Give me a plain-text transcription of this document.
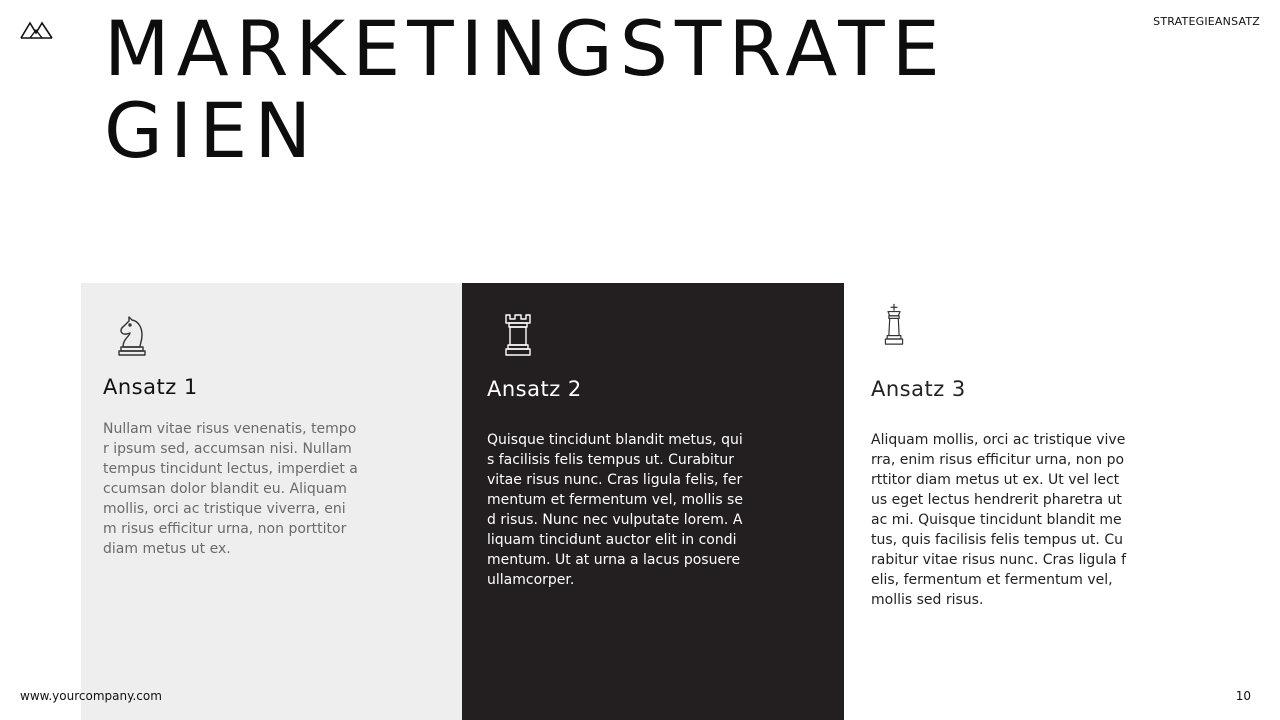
STRATEGIEANSATZ
MARKETINGSTRATEGIEN
Ansatz 1

Nullam vitae risus venenatis, tempor ipsum sed, accumsan nisi. Nullam tempus tincidunt lectus, imperdiet accumsan dolor blandit eu. Aliquam mollis, orci ac tristique viverra, enim risus efficitur urna, non porttitor diam metus ut ex.

Ansatz 2

Quisque tincidunt blandit metus, quis facilisis felis tempus ut. Curabitur vitae risus nunc. Cras ligula felis, fermentum et fermentum vel, mollis sed risus. Nunc nec vulputate lorem. Aliquam tincidunt auctor elit in condimentum. Ut at urna a lacus posuere ullamcorper.

Ansatz 3

Aliquam mollis, orci ac tristique viverra, enim risus efficitur urna, non porttitor diam metus ut ex. Ut vel lectus eget lectus hendrerit pharetra ut ac mi. Quisque tincidunt blandit metus, quis facilisis felis tempus ut. Curabitur vitae risus nunc. Cras ligula felis, fermentum et fermentum vel, mollis sed risus.

www.yourcompany.com	10
